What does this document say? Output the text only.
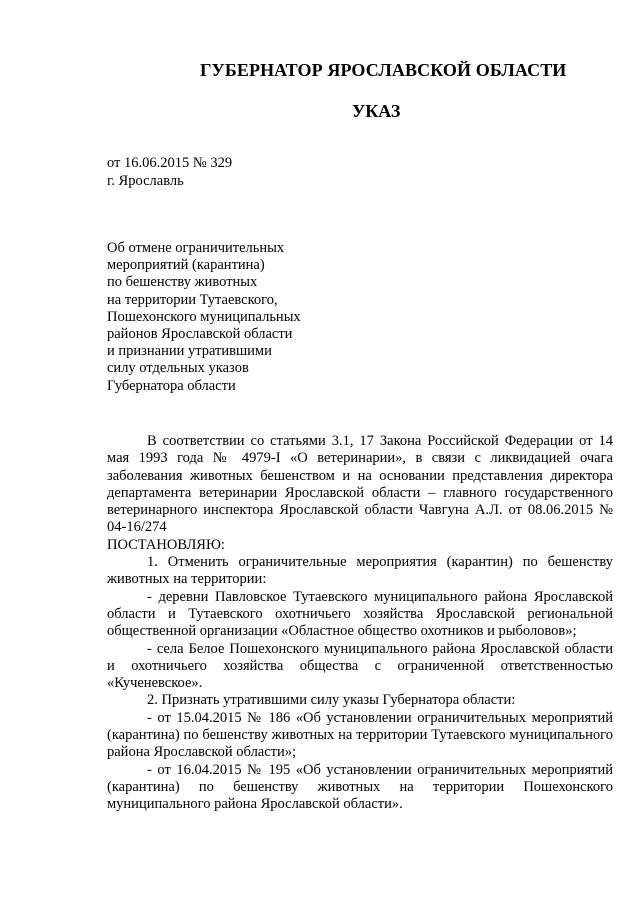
ГУБЕРНАТОР ЯРОСЛАВСКОЙ ОБЛАСТИ
УКАЗ
от 16.06.2015 № 329
г. Ярославль
Об отмене ограничительных
мероприятий (карантина)
по бешенству животных
на территории Тутаевского,
Пошехонского муниципальных
районов Ярославской области
и признании утратившими
силу отдельных указов
Губернатора области

В соответствии со статьями 3.1, 17 Закона Российской Федерации от 14 мая 1993 года № 4979-I «О ветеринарии», в связи с ликвидацией очага заболевания животных бешенством и на основании представления директора департамента ветеринарии Ярославской области – главного государственного ветеринарного инспектора Ярославской области Чавгуна А.Л. от 08.06.2015 № 04-16/274

ПОСТАНОВЛЯЮ:

1. Отменить ограничительные мероприятия (карантин) по бешенству животных на территории:

- деревни Павловское Тутаевского муниципального района Ярославской области и Тутаевского охотничьего хозяйства Ярославской региональной общественной организации «Областное общество охотников и рыболовов»;

- села Белое Пошехонского муниципального района Ярославской области и охотничьего хозяйства общества с ограниченной ответственностью «Кученевское».

2. Признать утратившими силу указы Губернатора области:

- от 15.04.2015 № 186 «Об установлении ограничительных мероприятий (карантина) по бешенству животных на территории Тутаевского муниципального района Ярославской области»;

- от 16.04.2015 № 195 «Об установлении ограничительных мероприятий (карантина) по бешенству животных на территории Пошехонского муниципального района Ярославской области».
